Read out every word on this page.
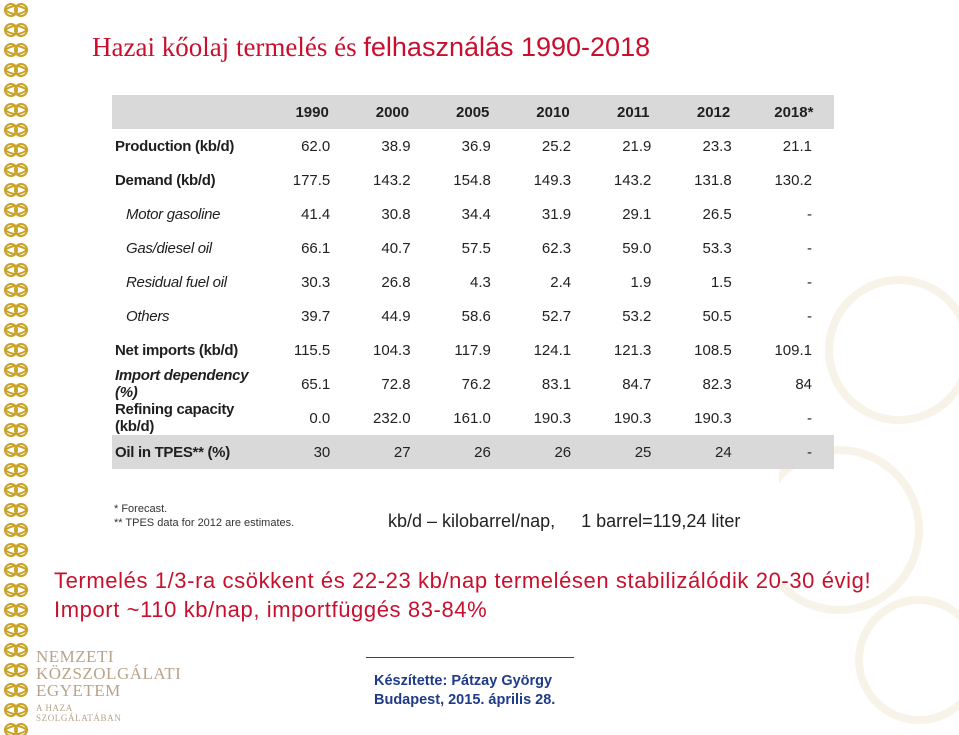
Hazai kőolaj termelés és felhasználás 1990-2018
	1990	2000	2005	2010	2011	2012	2018*
Production (kb/d)	62.0	38.9	36.9	25.2	21.9	23.3	21.1
Demand (kb/d)	177.5	143.2	154.8	149.3	143.2	131.8	130.2
Motor gasoline	41.4	30.8	34.4	31.9	29.1	26.5	-
Gas/diesel oil	66.1	40.7	57.5	62.3	59.0	53.3	-
Residual fuel oil	30.3	26.8	4.3	2.4	1.9	1.5	-
Others	39.7	44.9	58.6	52.7	53.2	50.5	-
Net imports (kb/d)	115.5	104.3	117.9	124.1	121.3	108.5	109.1
Import dependency (%)	65.1	72.8	76.2	83.1	84.7	82.3	84
Refining capacity (kb/d)	0.0	232.0	161.0	190.3	190.3	190.3	-
Oil in TPES** (%)	30	27	26	26	25	24	-
* Forecast.
** TPES data for 2012 are estimates.	kb/d – kilobarrel/nap, 1 barrel=119,24 liter

Termelés 1/3-ra csökkent és 22-23 kb/nap termelésen stabilizálódik 20-30 évig! Import ~110 kb/nap, importfüggés 83-84%

NEMZETI
KÖZSZOLGÁLATI
EGYETEM
A HAZA SZOLGÁLATÁBAN
Készítette: Pátzay György
Budapest, 2015. április 28.
